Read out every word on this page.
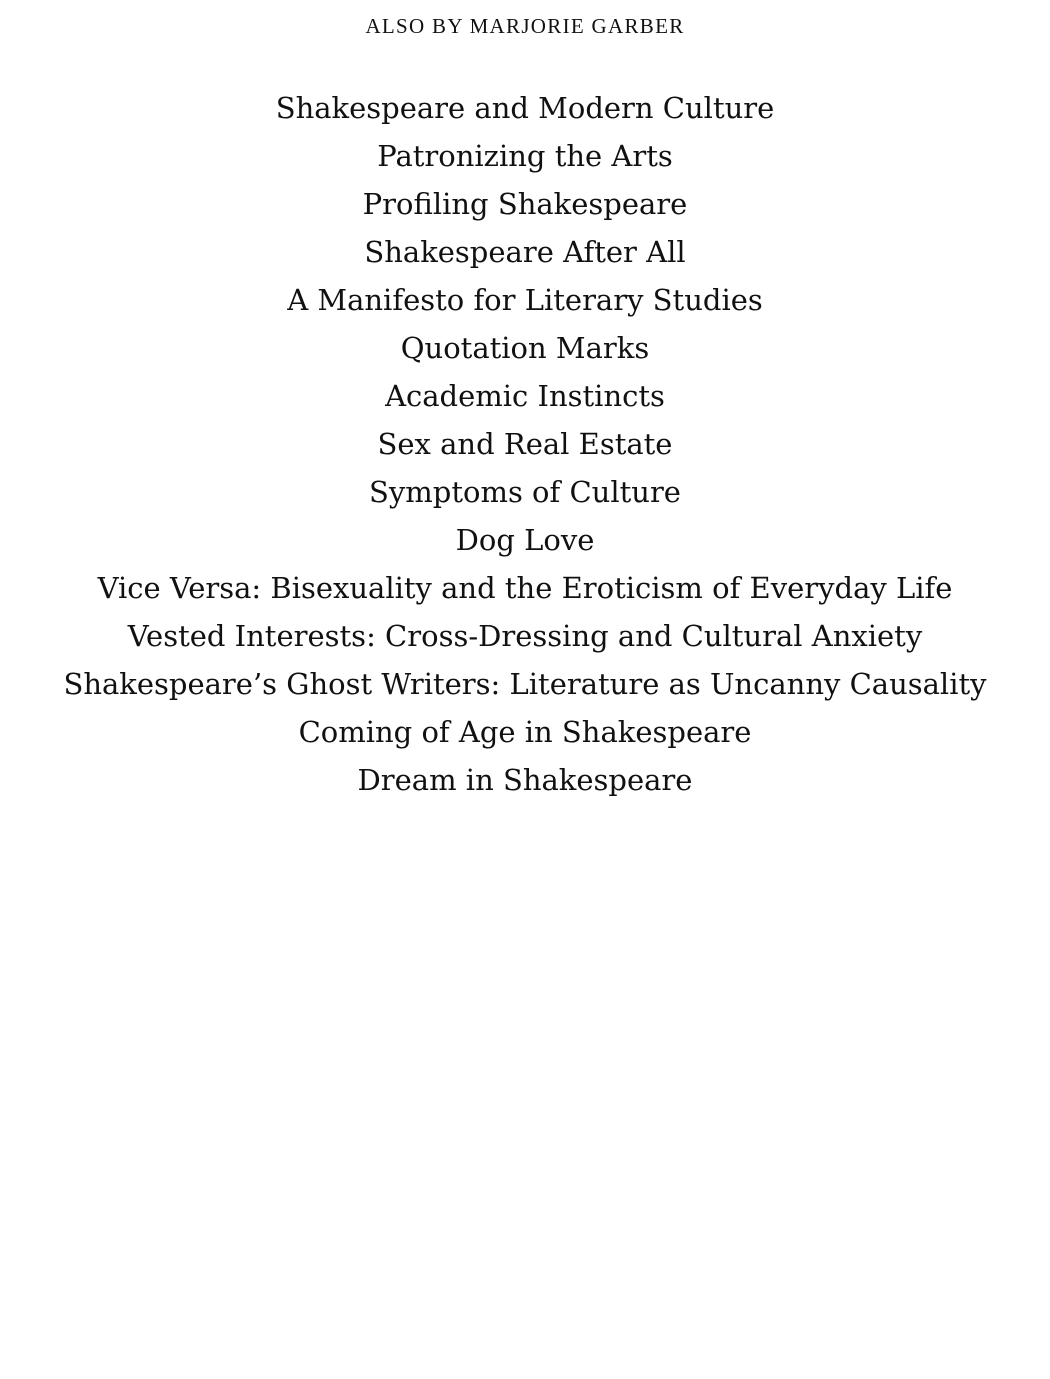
ALSO BY MARJORIE GARBER
Shakespeare and Modern Culture
Patronizing the Arts
Profiling Shakespeare
Shakespeare After All
A Manifesto for Literary Studies
Quotation Marks
Academic Instincts
Sex and Real Estate
Symptoms of Culture
Dog Love
Vice Versa: Bisexuality and the Eroticism of Everyday Life
Vested Interests: Cross-Dressing and Cultural Anxiety
Shakespeare’s Ghost Writers: Literature as Uncanny Causality
Coming of Age in Shakespeare
Dream in Shakespeare
